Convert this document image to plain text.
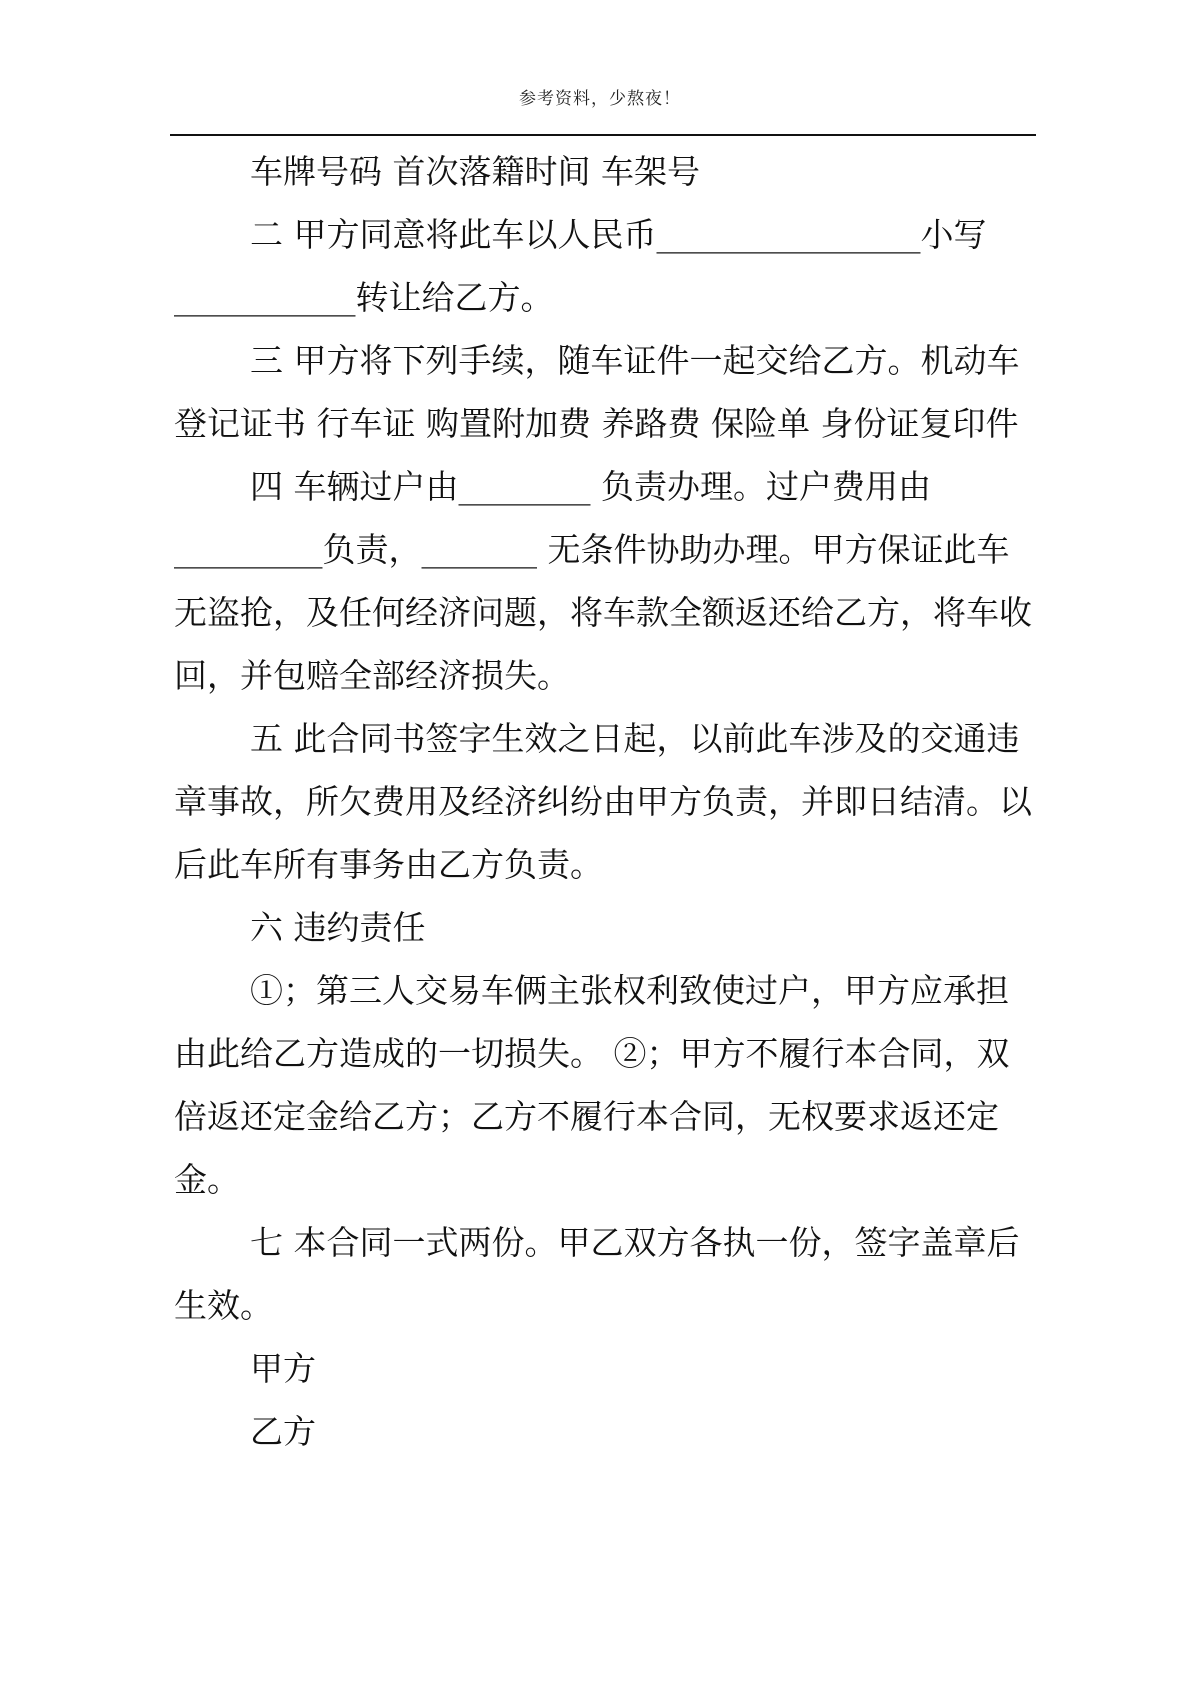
参考资料，少熬夜！

车牌号码 首次落籍时间 车架号

二 甲方同意将此车以人民币________________小写___________转让给乙方。

三 甲方将下列手续，随车证件一起交给乙方。机动车登记证书 行车证 购置附加费 养路费 保险单 身份证复印件

四 车辆过户由________ 负责办理。过户费用由_________负责，_______ 无条件协助办理。甲方保证此车无盗抢，及任何经济问题，将车款全额返还给乙方，将车收回，并包赔全部经济损失。

五 此合同书签字生效之日起，以前此车涉及的交通违章事故，所欠费用及经济纠纷由甲方负责，并即日结清。以后此车所有事务由乙方负责。

六 违约责任

①；第三人交易车俩主张权利致使过户，甲方应承担由此给乙方造成的一切损失。 ②；甲方不履行本合同，双倍返还定金给乙方；乙方不履行本合同，无权要求返还定金。

七 本合同一式两份。甲乙双方各执一份，签字盖章后生效。

甲方

乙方
